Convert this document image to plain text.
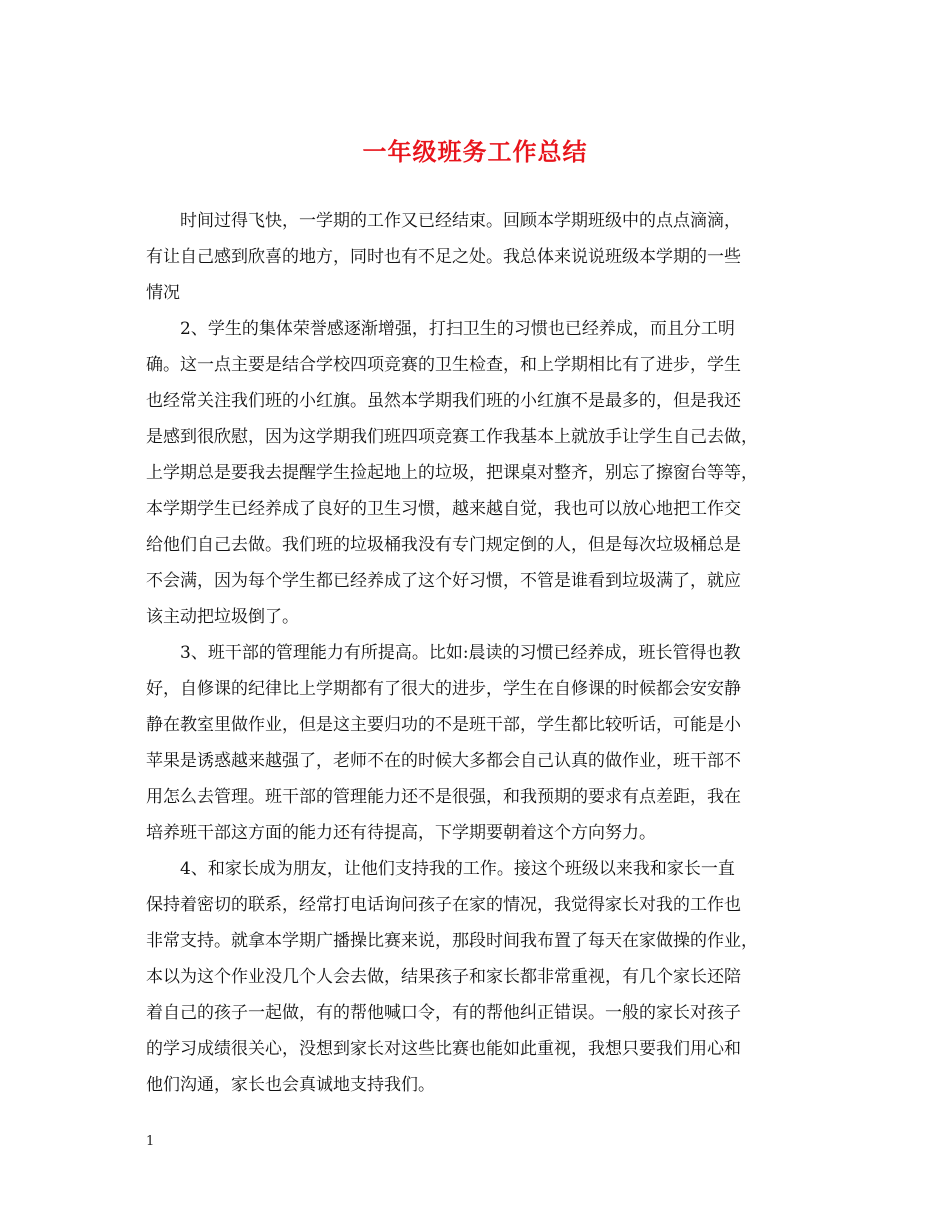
一年级班务工作总结
时间过得飞快，一学期的工作又已经结束。回顾本学期班级中的点点滴滴，
有让自己感到欣喜的地方，同时也有不足之处。我总体来说说班级本学期的一些
情况
2、学生的集体荣誉感逐渐增强，打扫卫生的习惯也已经养成，而且分工明
确。这一点主要是结合学校四项竞赛的卫生检查，和上学期相比有了进步，学生
也经常关注我们班的小红旗。虽然本学期我们班的小红旗不是最多的，但是我还
是感到很欣慰，因为这学期我们班四项竞赛工作我基本上就放手让学生自己去做，
上学期总是要我去提醒学生捡起地上的垃圾，把课桌对整齐，别忘了擦窗台等等，
本学期学生已经养成了良好的卫生习惯，越来越自觉，我也可以放心地把工作交
给他们自己去做。我们班的垃圾桶我没有专门规定倒的人，但是每次垃圾桶总是
不会满，因为每个学生都已经养成了这个好习惯，不管是谁看到垃圾满了，就应
该主动把垃圾倒了。
3、班干部的管理能力有所提高。比如:晨读的习惯已经养成，班长管得也教
好，自修课的纪律比上学期都有了很大的进步，学生在自修课的时候都会安安静
静在教室里做作业，但是这主要归功的不是班干部，学生都比较听话，可能是小
苹果是诱惑越来越强了，老师不在的时候大多都会自己认真的做作业，班干部不
用怎么去管理。班干部的管理能力还不是很强，和我预期的要求有点差距，我在
培养班干部这方面的能力还有待提高，下学期要朝着这个方向努力。
4、和家长成为朋友，让他们支持我的工作。接这个班级以来我和家长一直
保持着密切的联系，经常打电话询问孩子在家的情况，我觉得家长对我的工作也
非常支持。就拿本学期广播操比赛来说，那段时间我布置了每天在家做操的作业，
本以为这个作业没几个人会去做，结果孩子和家长都非常重视，有几个家长还陪
着自己的孩子一起做，有的帮他喊口令，有的帮他纠正错误。一般的家长对孩子
的学习成绩很关心，没想到家长对这些比赛也能如此重视，我想只要我们用心和
他们沟通，家长也会真诚地支持我们。
1
